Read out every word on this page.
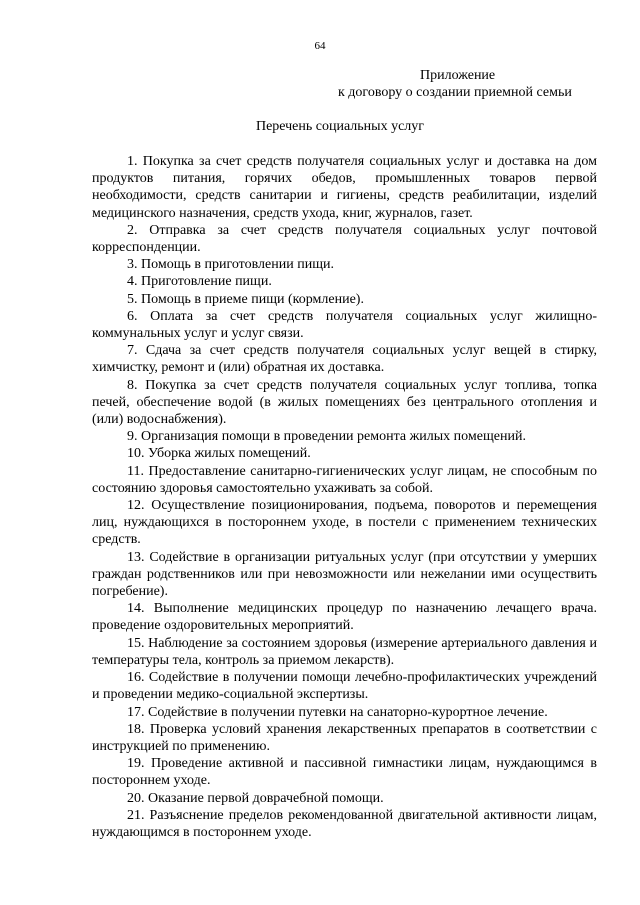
64
Приложение
к договору о создании приемной семьи
Перечень социальных услуг

1. Покупка за счет средств получателя социальных услуг и доставка на дом продуктов питания, горячих обедов, промышленных товаров первой необходимости, средств санитарии и гигиены, средств реабилитации, изделий медицинского назначения, средств ухода, книг, журналов, газет.

2. Отправка за счет средств получателя социальных услуг почтовой корреспонденции.

3. Помощь в приготовлении пищи.

4. Приготовление пищи.

5. Помощь в приеме пищи (кормление).

6. Оплата за счет средств получателя социальных услуг жилищно-коммунальных услуг и услуг связи.

7. Сдача за счет средств получателя социальных услуг вещей в стирку, химчистку, ремонт и (или) обратная их доставка.

8. Покупка за счет средств получателя социальных услуг топлива, топка печей, обеспечение водой (в жилых помещениях без центрального отопления и (или) водоснабжения).

9. Организация помощи в проведении ремонта жилых помещений.

10. Уборка жилых помещений.

11. Предоставление санитарно-гигиенических услуг лицам, не способным по состоянию здоровья самостоятельно ухаживать за собой.

12. Осуществление позиционирования, подъема, поворотов и перемещения лиц, нуждающихся в постороннем уходе, в постели с применением технических средств.

13. Содействие в организации ритуальных услуг (при отсутствии у умерших граждан родственников или при невозможности или нежелании ими осуществить погребение).

14. Выполнение медицинских процедур по назначению лечащего врача. проведение оздоровительных мероприятий.

15. Наблюдение за состоянием здоровья (измерение артериального давления и температуры тела, контроль за приемом лекарств).

16. Содействие в получении помощи лечебно-профилактических учреждений и проведении медико-социальной экспертизы.

17. Содействие в получении путевки на санаторно-курортное лечение.

18. Проверка условий хранения лекарственных препаратов в соответствии с инструкцией по применению.

19. Проведение активной и пассивной гимнастики лицам, нуждающимся в постороннем уходе.

20. Оказание первой доврачебной помощи.

21. Разъяснение пределов рекомендованной двигательной активности лицам, нуждающимся в постороннем уходе.
